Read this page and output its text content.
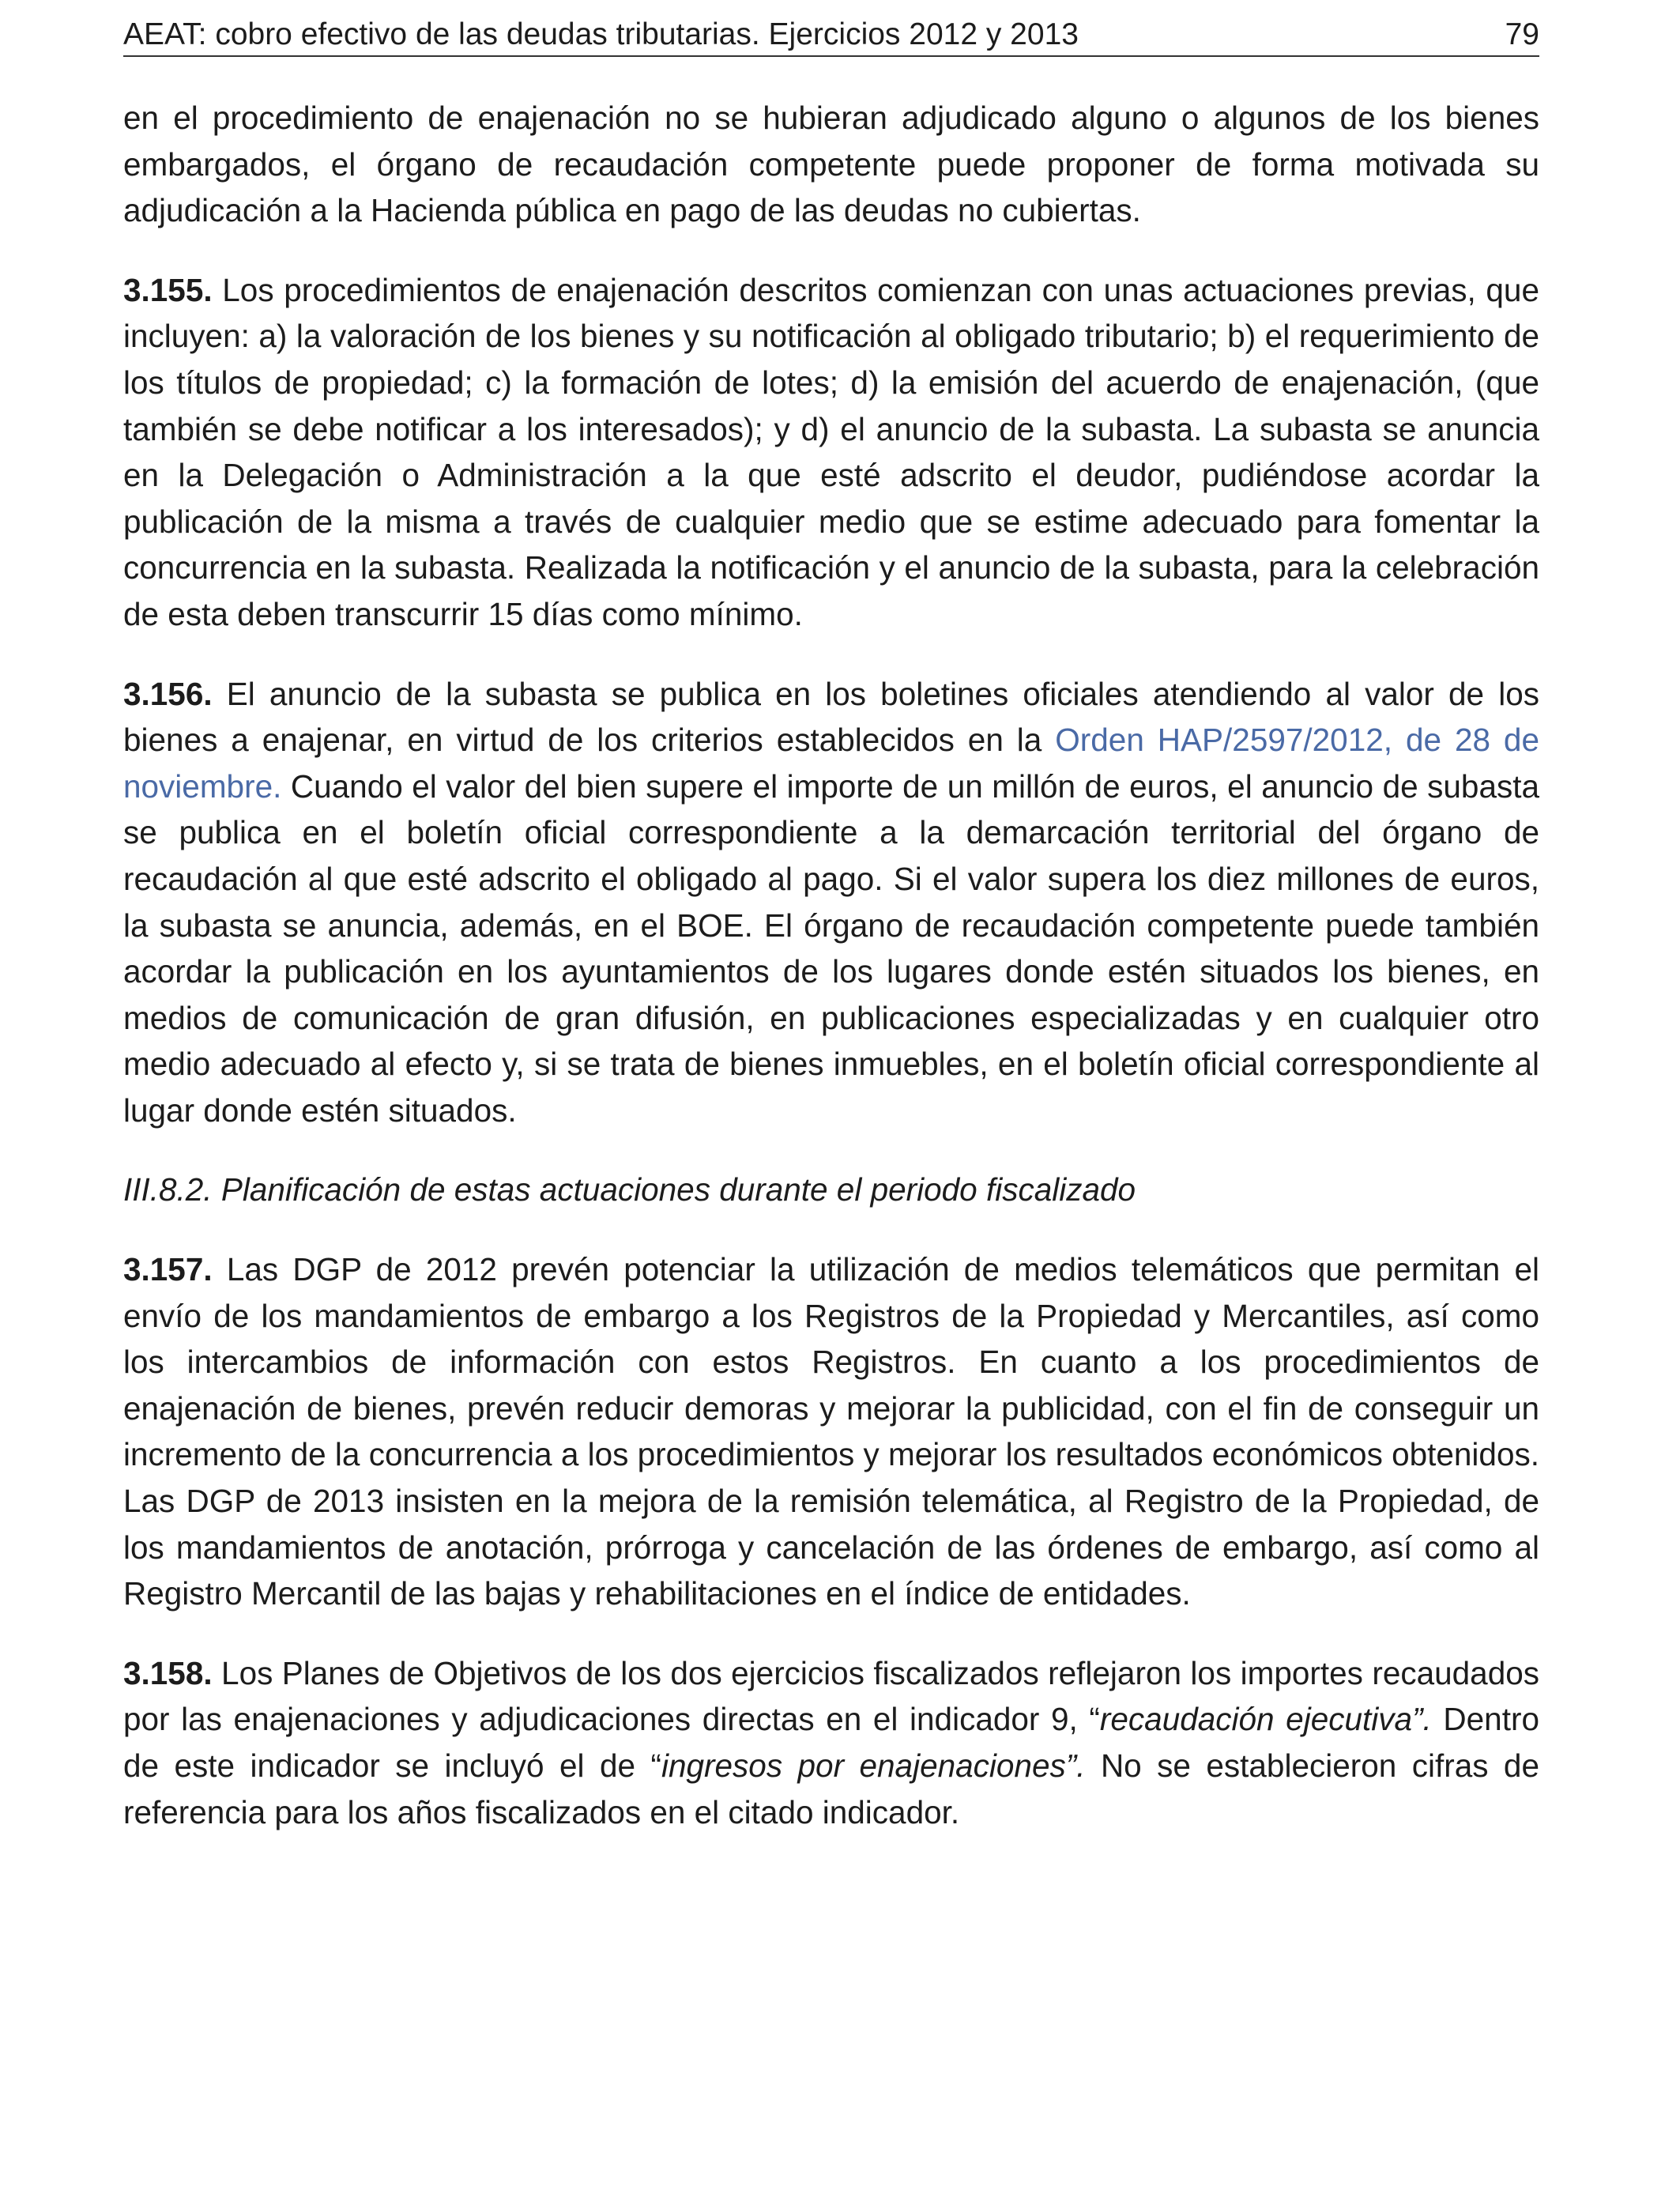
AEAT: cobro efectivo de las deudas tributarias. Ejercicios 2012 y 2013	79

en el procedimiento de enajenación no se hubieran adjudicado alguno o algunos de los bienes embargados, el órgano de recaudación competente puede proponer de forma motivada su adjudicación a la Hacienda pública en pago de las deudas no cubiertas.

3.155. Los procedimientos de enajenación descritos comienzan con unas actuaciones previas, que incluyen: a) la valoración de los bienes y su notificación al obligado tributario; b) el requerimiento de los títulos de propiedad; c) la formación de lotes; d) la emisión del acuerdo de enajenación, (que también se debe notificar a los interesados); y d) el anuncio de la subasta. La subasta se anuncia en la Delegación o Administración a la que esté adscrito el deudor, pudiéndose acordar la publicación de la misma a través de cualquier medio que se estime adecuado para fomentar la concurrencia en la subasta. Realizada la notificación y el anuncio de la subasta, para la celebración de esta deben transcurrir 15 días como mínimo.

3.156. El anuncio de la subasta se publica en los boletines oficiales atendiendo al valor de los bienes a enajenar, en virtud de los criterios establecidos en la Orden HAP/2597/2012, de 28 de noviembre. Cuando el valor del bien supere el importe de un millón de euros, el anuncio de subasta se publica en el boletín oficial correspondiente a la demarcación territorial del órgano de recaudación al que esté adscrito el obligado al pago. Si el valor supera los diez millones de euros, la subasta se anuncia, además, en el BOE. El órgano de recaudación competente puede también acordar la publicación en los ayuntamientos de los lugares donde estén situados los bienes, en medios de comunicación de gran difusión, en publicaciones especializadas y en cualquier otro medio adecuado al efecto y, si se trata de bienes inmuebles, en el boletín oficial correspondiente al lugar donde estén situados.

III.8.2. Planificación de estas actuaciones durante el periodo fiscalizado

3.157. Las DGP de 2012 prevén potenciar la utilización de medios telemáticos que permitan el envío de los mandamientos de embargo a los Registros de la Propiedad y Mercantiles, así como los intercambios de información con estos Registros. En cuanto a los procedimientos de enajenación de bienes, prevén reducir demoras y mejorar la publicidad, con el fin de conseguir un incremento de la concurrencia a los procedimientos y mejorar los resultados económicos obtenidos. Las DGP de 2013 insisten en la mejora de la remisión telemática, al Registro de la Propiedad, de los mandamientos de anotación, prórroga y cancelación de las órdenes de embargo, así como al Registro Mercantil de las bajas y rehabilitaciones en el índice de entidades.

3.158. Los Planes de Objetivos de los dos ejercicios fiscalizados reflejaron los importes recaudados por las enajenaciones y adjudicaciones directas en el indicador 9, “recaudación ejecutiva”. Dentro de este indicador se incluyó el de “ingresos por enajenaciones”. No se establecieron cifras de referencia para los años fiscalizados en el citado indicador.
